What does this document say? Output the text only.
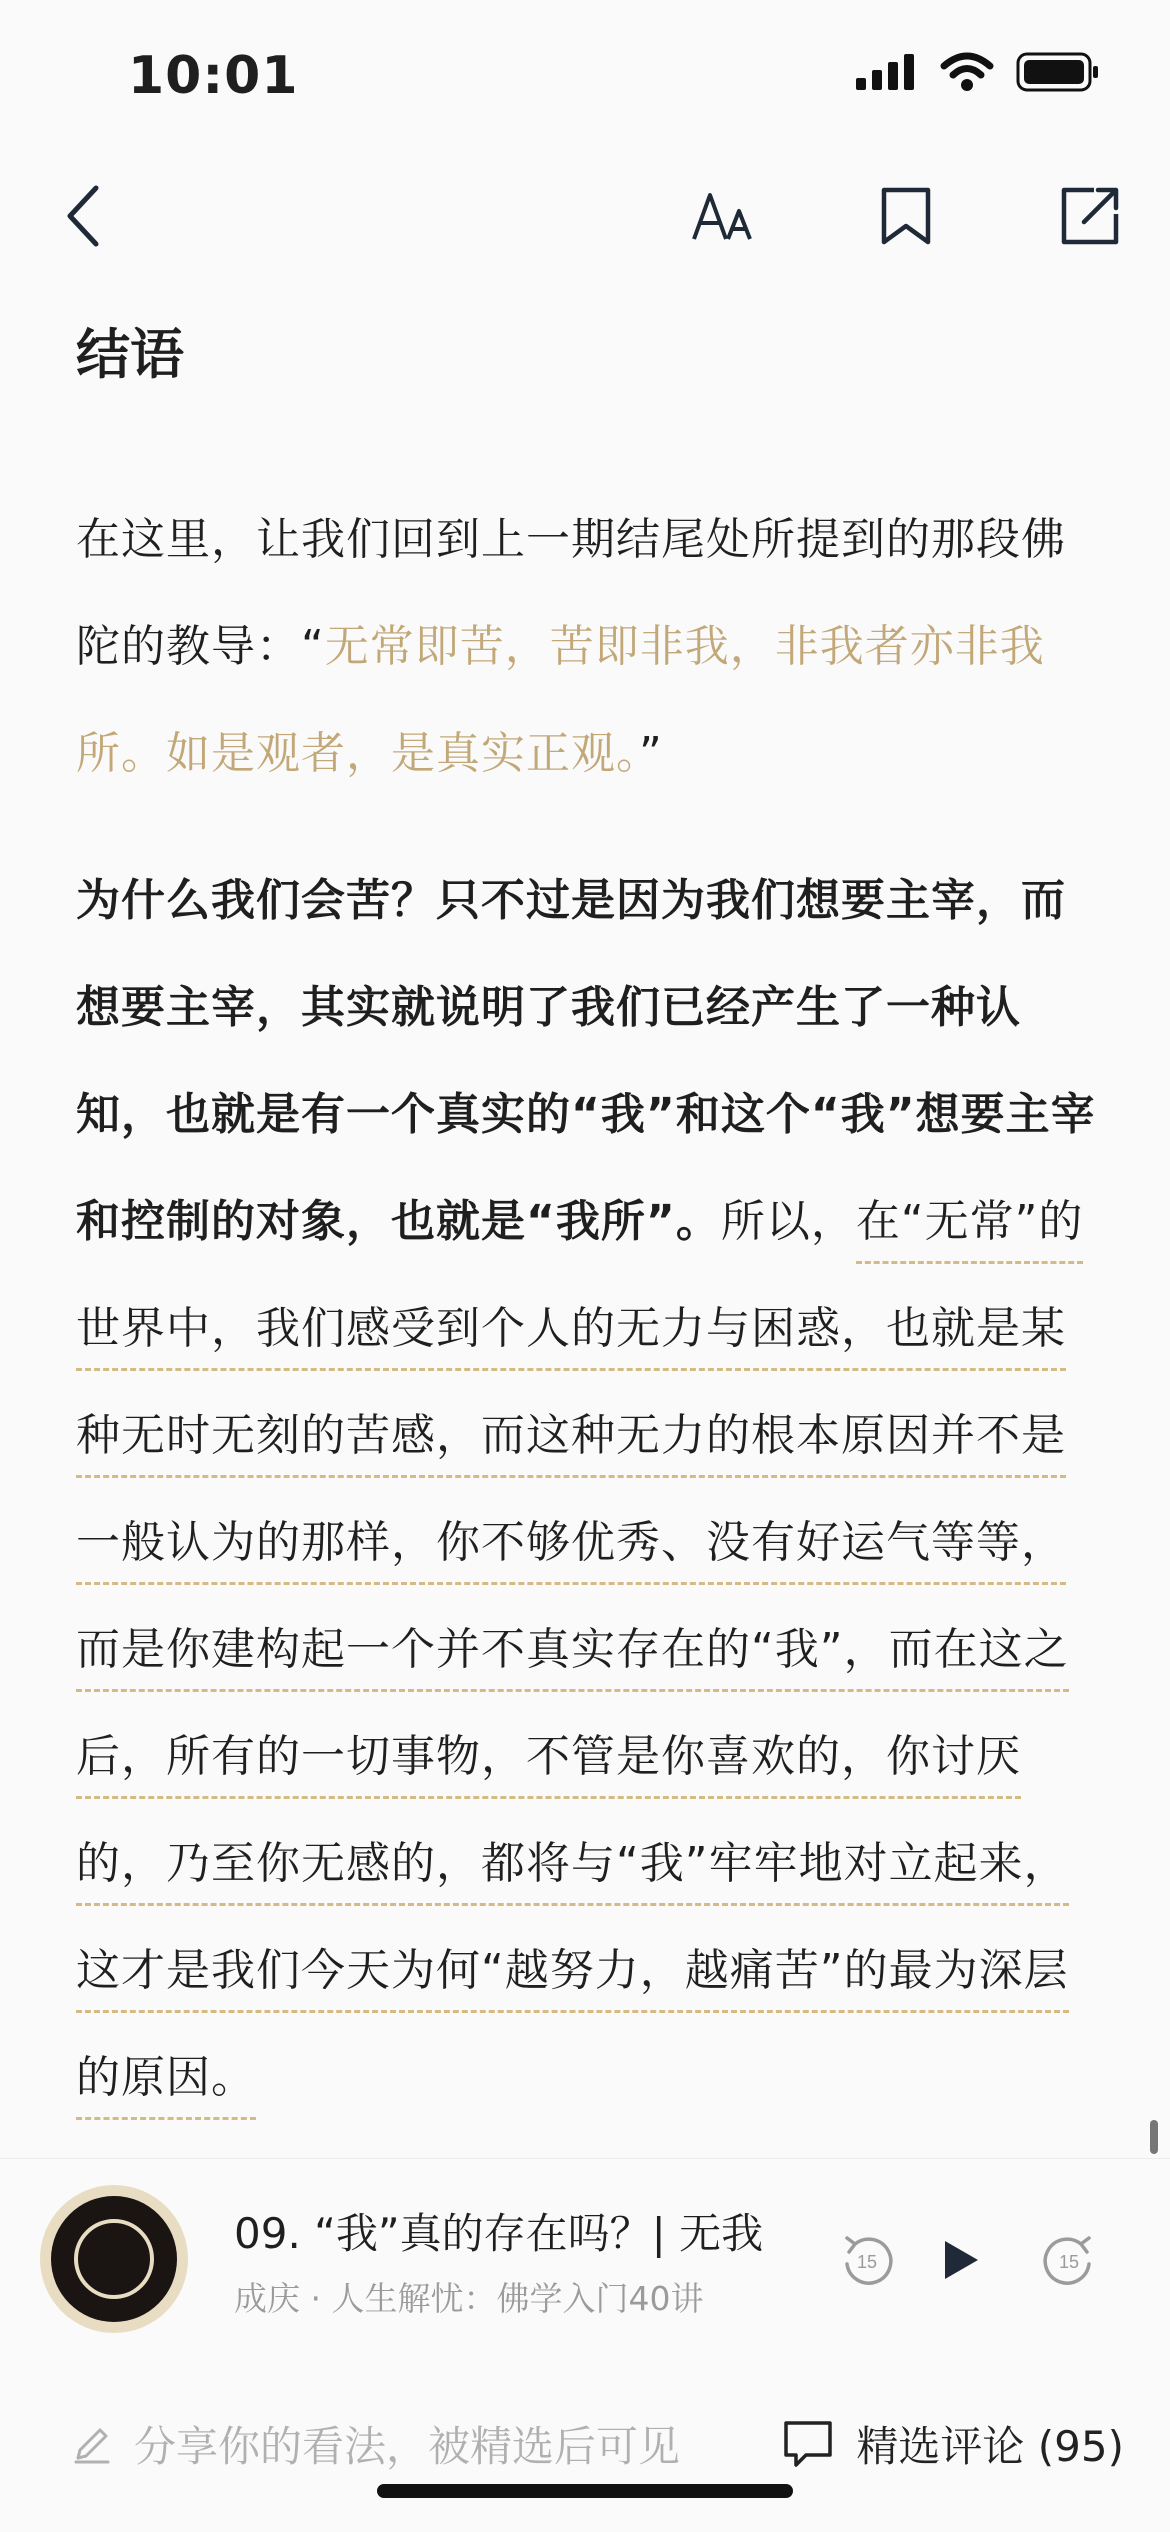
10:01
结语

在这里，让我们回到上一期结尾处所提到的那段佛陀的教导：“无常即苦，苦即非我，非我者亦非我所。如是观者，是真实正观。”

为什么我们会苦？只不过是因为我们想要主宰，而想要主宰，其实就说明了我们已经产生了一种认知，也就是有一个真实的“我”和这个“我”想要主宰和控制的对象，也就是“我所”。所以，在“无常”的世界中，我们感受到个人的无力与困惑，也就是某种无时无刻的苦感，而这种无力的根本原因并不是一般认为的那样，你不够优秀、没有好运气等等，而是你建构起一个并不真实存在的“我”，而在这之后，所有的一切事物，不管是你喜欢的，你讨厌的，乃至你无感的，都将与“我”牢牢地对立起来，这才是我们今天为何“越努力，越痛苦”的最为深层的原因。

09. “我”真的存在吗？| 无我
成庆 · 人生解忧：佛学入门40讲
15	15
分享你的看法，被精选后可见	精选评论 (95)
